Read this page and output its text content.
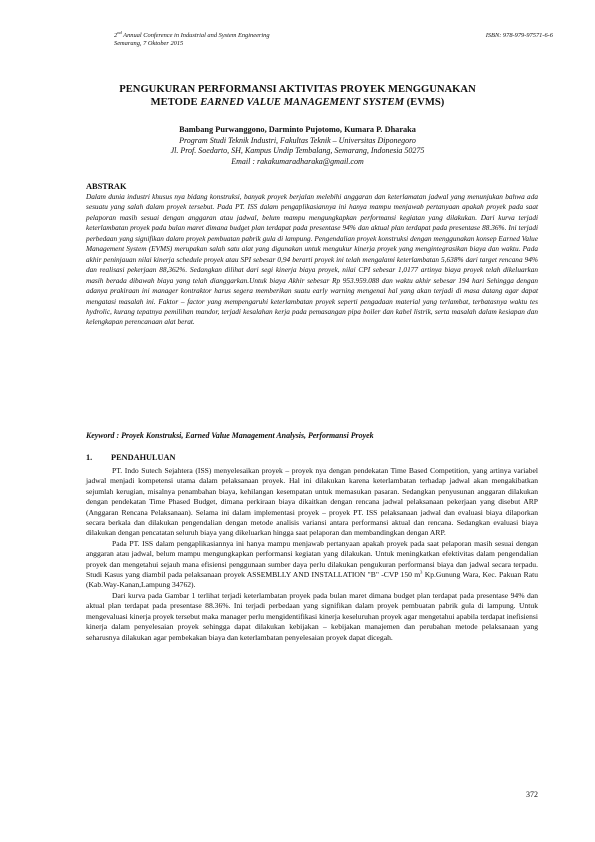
2nd Annual Conference in Industrial and System Engineering
Semarang, 7 Oktober 2015
ISBN: 978-979-97571-6-6
PENGUKURAN PERFORMANSI AKTIVITAS PROYEK MENGGUNAKAN
METODE EARNED VALUE MANAGEMENT SYSTEM (EVMS)
Bambang Purwanggono, Darminto Pujotomo, Kumara P. Dharaka
Program Studi Teknik Industri, Fakultas Teknik – Universitas Diponegoro
Jl. Prof. Soedarto, SH, Kampus Undip Tembalang, Semarang, Indonesia 50275
Email : rakakumaradharaka@gmail.com
ABSTRAK
Dalam dunia industri khusus nya bidang konstruksi, banyak proyek berjalan melebihi anggaran dan keterlamatan jadwal yang menunjukan bahwa ada sesuatu yang salah dalam proyek tersebut. Pada PT. ISS dalam pengaplikasiannya ini hanya mampu menjawab pertanyaan apakah proyek pada saat pelaporan masih sesuai dengan anggaran atau jadwal, belum mampu mengungkapkan performansi kegiatan yang dilakukan. Dari kurva terjadi keterlambatan proyek pada bulan maret dimana budget plan terdapat pada presentase 94% dan aktual plan terdapat pada presentase 88.36%. Ini terjadi perbedaan yang signifikan dalam proyek pembuatan pabrik gula di lampung. Pengendalian proyek konstruksi dengan menggunakan konsep Earned Value Management System (EVMS) merupakan salah satu alat yang digunakan untuk mengukur kinerja proyek yang mengintegrasikan biaya dan waktu. Pada akhir peninjauan nilai kinerja schedule proyek atau SPI sebesar 0,94 berarti proyek ini telah mengalami keterlambatan 5,638% dari target rencana 94% dan realisasi pekerjaan 88,362%. Sedangkan dilihat dari segi kinerja biaya proyek, nilai CPI sebesar 1,0177 artinya biaya proyek telah dikeluarkan masih berada dibawah biaya yang telah dianggarkan.Untuk biaya Akhir sebesar Rp 953.959.088 dan waktu akhir sebesar 194 hari Sehingga dengan adanya prakiraan ini manager kontraktor harus segera memberikan suatu early warning mengenai hal yang akan terjadi di masa datang agar dapat mengatasi masalah ini. Faktor – factor yang mempengaruhi keterlambatan proyek seperti pengadaan material yang terlambat, terbatasnya waktu tes hydrolic, kurang tepatnya pemilihan mandor, terjadi kesalahan kerja pada pemasangan pipa boiler dan kabel listrik, serta masalah dalam kesiapan dan kelengkapan perencanaan alat berat.
Keyword : Proyek Konstruksi, Earned Value Management Analysis, Performansi Proyek
1. PENDAHULUAN

PT. Indo Sutech Sejahtera (ISS) menyelesaikan proyek – proyek nya dengan pendekatan Time Based Competition, yang artinya variabel jadwal menjadi kompetensi utama dalam pelaksanaan proyek. Hal ini dilakukan karena keterlambatan terhadap jadwal akan mengakibatkan sejumlah kerugian, misalnya penambahan biaya, kehilangan kesempatan untuk memasukan pasaran. Sedangkan penyusunan anggaran dilakukan dengan pendekatan Time Phased Budget, dimana perkiraan biaya dikaitkan dengan rencana jadwal pelaksanaan pekerjaan yang disebut ARP (Anggaran Rencana Pelaksanaan). Selama ini dalam implementasi proyek – proyek PT. ISS pelaksanaan jadwal dan evaluasi biaya dilaporkan secara berkala dan dilakukan pengendalian dengan metode analisis variansi antara performansi aktual dan rencana. Sedangkan evaluasi biaya dilakukan dengan pencatatan seluruh biaya yang dikeluarkan hingga saat pelaporan dan membandingkan dengan ARP.

Pada PT. ISS dalam pengaplikasiannya ini hanya mampu menjawab pertanyaan apakah proyek pada saat pelaporan masih sesuai dengan anggaran atau jadwal, belum mampu mengungkapkan performansi kegiatan yang dilakukan. Untuk meningkatkan efektivitas dalam pengendalian proyek dan mengetahui sejauh mana efisiensi penggunaan sumber daya perlu dilakukan pengukuran performansi biaya dan jadwal secara terpadu. Studi Kasus yang diambil pada pelaksanaan proyek ASSEMBLLY AND INSTALLATION "B" -CVP 150 $m^3$ Kp.Gunung Wara, Kec. Pakuan Ratu (Kab.Way-Kanan,Lampung 34762).

Dari kurva pada Gambar 1 terlihat terjadi keterlambatan proyek pada bulan maret dimana budget plan terdapat pada presentase 94% dan aktual plan terdapat pada presentase 88.36%. Ini terjadi perbedaan yang signifikan dalam proyek pembuatan pabrik gula di lampung. Untuk mengevaluasi kinerja proyek tersebut maka manager perlu mengidentifikasi kinerja keseluruhan proyek agar mengetahui apabila terdapat inefisiensi kinerja dalam penyelesaian proyek sehingga dapat dilakukan kebijakan – kebijakan manajemen dan perubahan metode pelaksanaan yang seharusnya dilakukan agar pembekakan biaya dan keterlambatan penyelesaian proyek dapat dicegah.

372
